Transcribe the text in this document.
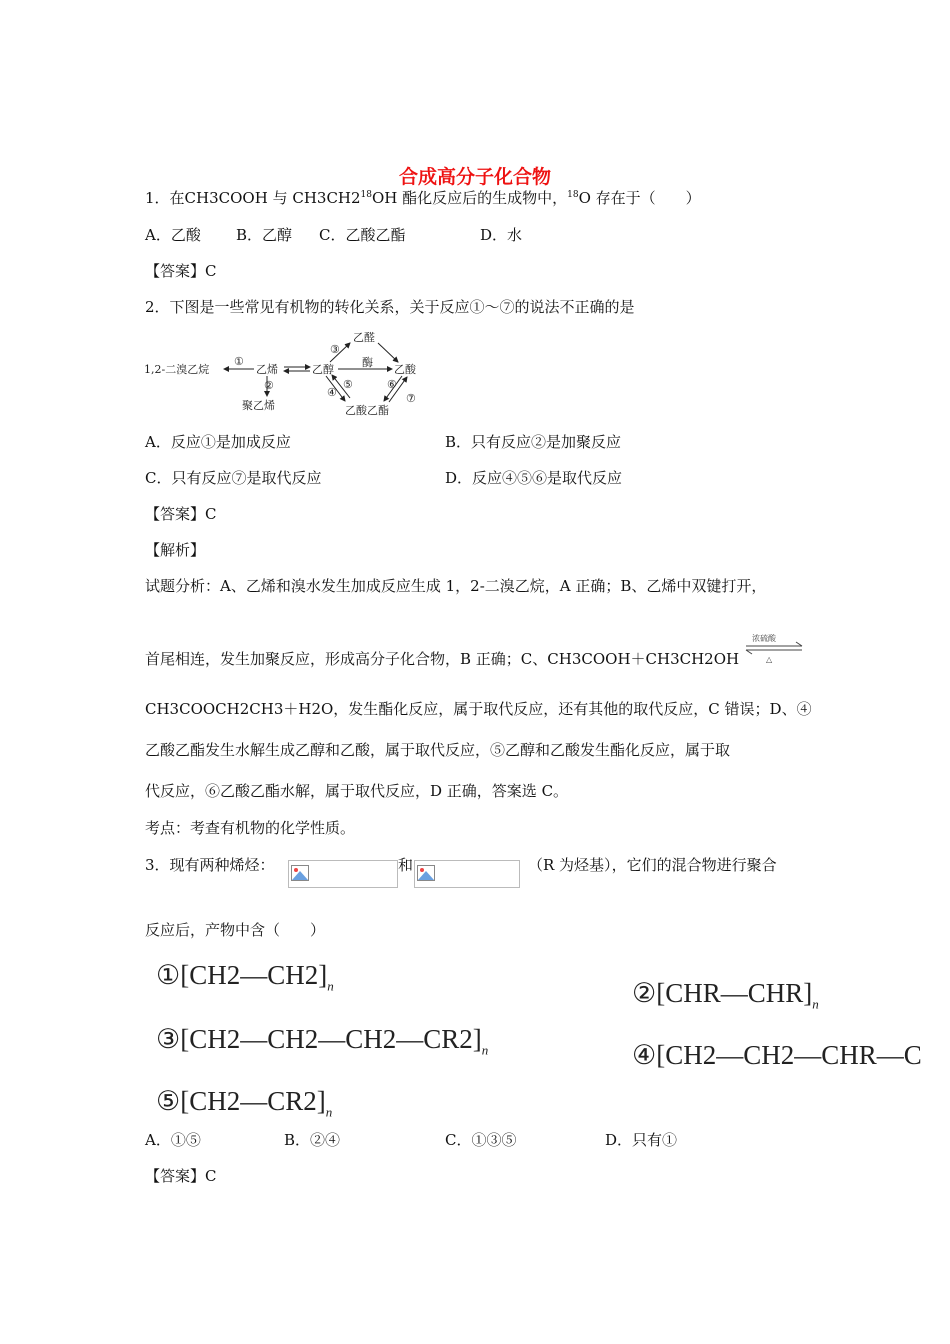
合成高分子化合物
1．在CH3COOH 与 $CH3CH2^{18}OH$ 酯化反应后的生成物中，$^{18}$O 存在于（　　）
A．乙酸 B．乙醇 C．乙酸乙酯	D．水
【答案】C
2．下图是一些常见有机物的转化关系，关于反应①～⑦的说法不正确的是
1,2-二溴乙烷	乙烯	乙醇
乙醛
乙酸
乙酸乙酯
聚乙烯
酶
①
②
③
④
⑤	⑥
⑦
A．反应①是加成反应	B．只有反应②是加聚反应
C．只有反应⑦是取代反应	D．反应④⑤⑥是取代反应
【答案】C
【解析】
试题分析：A、乙烯和溴水发生加成反应生成 1，2-二溴乙烷，A 正确；B、乙烯中双键打开，
首尾相连，发生加聚反应，形成高分子化合物，B 正确；C、CH3COOH＋CH3CH2OH
浓硫酸
△
CH3COOCH2CH3＋H2O，发生酯化反应，属于取代反应，还有其他的取代反应，C 错误；D、④
乙酸乙酯发生水解生成乙醇和乙酸，属于取代反应，⑤乙醇和乙酸发生酯化反应，属于取
代反应，⑥乙酸乙酯水解，属于取代反应，D 正确，答案选 C。
考点：考查有机物的化学性质。
3．现有两种烯烃：	和	（R 为烃基），它们的混合物进行聚合
反应后，产物中含（　　）
$①[CH2—CH2]_n$	$②[CHR—CHR]_n$
$③[CH2—CH2—CH2—CR2]_n$	④[CH2—CH2—CHR—C
$⑤[CH2—CR2]_n$
A．①⑤	B．②④	C．①③⑤	D．只有①
【答案】C
